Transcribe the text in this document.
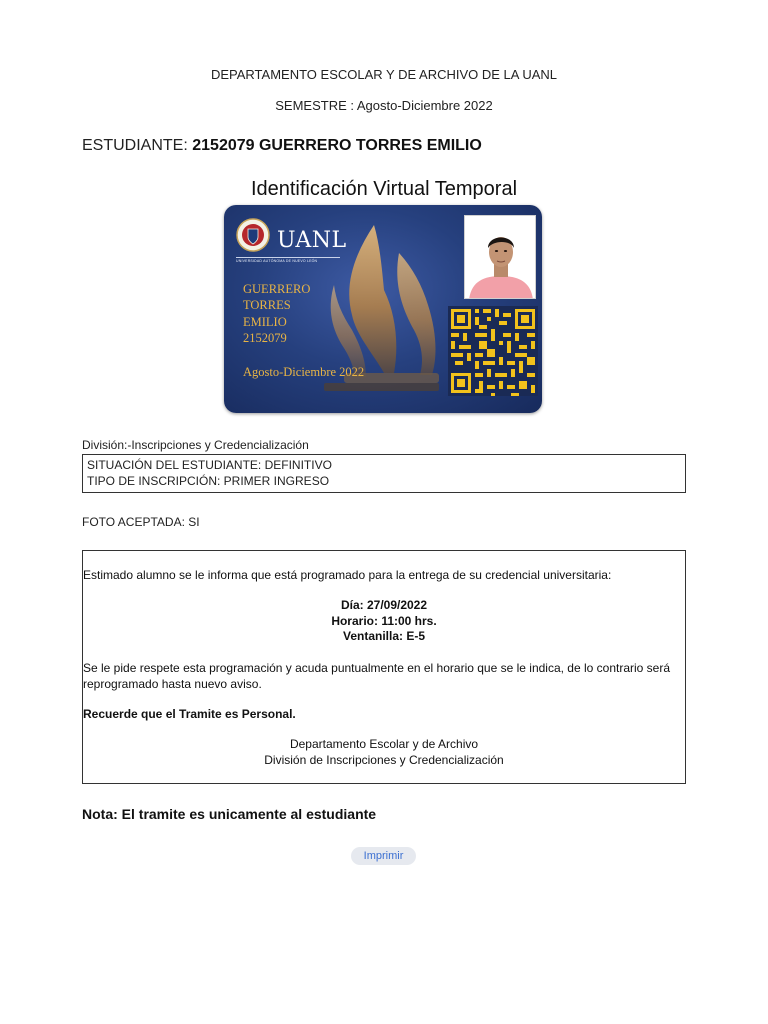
DEPARTAMENTO ESCOLAR Y DE ARCHIVO DE LA UANL
SEMESTRE : Agosto-Diciembre 2022
ESTUDIANTE: 2152079 GUERRERO TORRES EMILIO
Identificación Virtual Temporal
UANL
UNIVERSIDAD AUTÓNOMA DE NUEVO LEÓN
GUERRERO
TORRES
EMILIO
2152079
Agosto-Diciembre 2022
División:-Inscripciones y Credencialización
SITUACIÓN DEL ESTUDIANTE: DEFINITIVO
TIPO DE INSCRIPCIÓN: PRIMER INGRESO
FOTO ACEPTADA: SI
Estimado alumno se le informa que está programado para la entrega de su credencial universitaria:
Día: 27/09/2022
Horario: 11:00 hrs.
Ventanilla: E-5
Se le pide respete esta programación y acuda puntualmente en el horario que se le indica, de lo contrario será reprogramado hasta nuevo aviso.
Recuerde que el Tramite es Personal.
Departamento Escolar y de Archivo
División de Inscripciones y Credencialización
Nota: El tramite es unicamente al estudiante
Imprimir
